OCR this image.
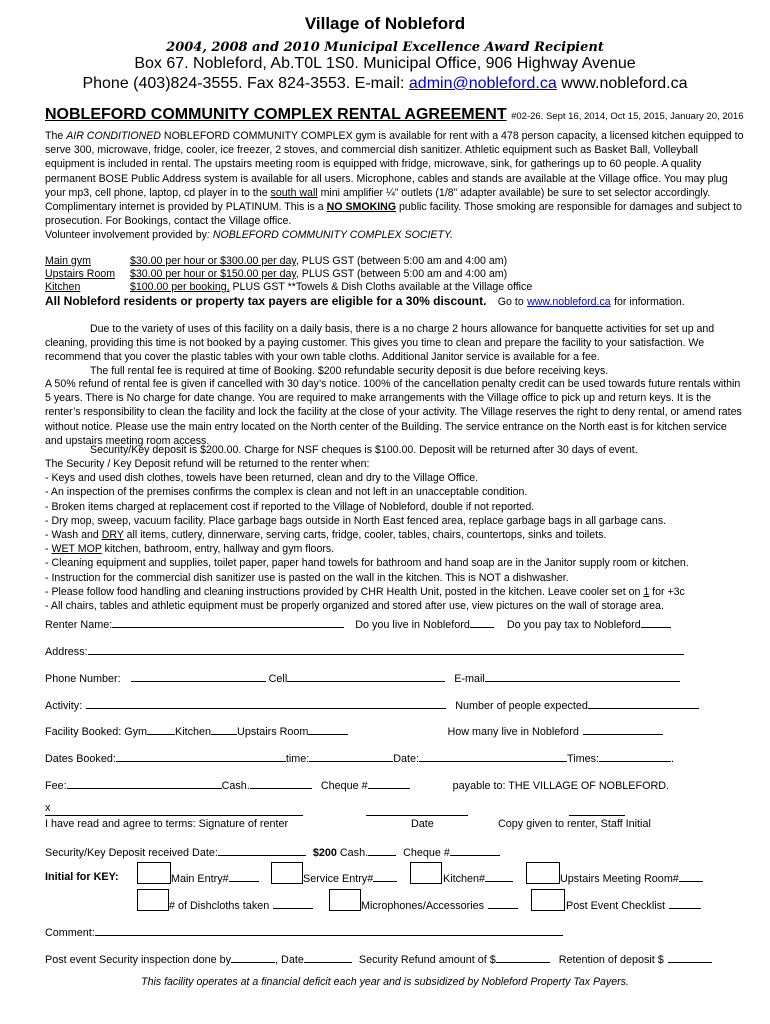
Village of Nobleford
2004, 2008 and 2010 Municipal Excellence Award Recipient
Box 67. Nobleford, Ab.T0L 1S0. Municipal Office, 906 Highway Avenue
Phone (403)824-3555. Fax 824-3553. E-mail: admin@nobleford.ca www.nobleford.ca
NOBLEFORD COMMUNITY COMPLEX RENTAL AGREEMENT #02-26. Sept 16, 2014, Oct 15, 2015, January 20, 2016
The AIR CONDITIONED NOBLEFORD COMMUNITY COMPLEX gym is available for rent with a 478 person capacity, a licensed kitchen equipped to serve 300, microwave, fridge, cooler, ice freezer, 2 stoves, and commercial dish sanitizer. Athletic equipment such as Basket Ball, Volleyball equipment is included in rental. The upstairs meeting room is equipped with fridge, microwave, sink, for gatherings up to 60 people. A quality permanent BOSE Public Address system is available for all users. Microphone, cables and stands are available at the Village office. You may plug your mp3, cell phone, laptop, cd player in to the south wall mini amplifier ¼” outlets (1/8” adapter available) be sure to set selector accordingly. Complimentary internet is provided by PLATINUM. This is a NO SMOKING public facility. Those smoking are responsible for damages and subject to prosecution. For Bookings, contact the Village office.
Volunteer involvement provided by: NOBLEFORD COMMUNITY COMPLEX SOCIETY.
Main gym	$30.00 per hour or $300.00 per day, PLUS GST (between 5:00 am and 4:00 am)
Upstairs Room	$30.00 per hour or $150.00 per day, PLUS GST (between 5:00 am and 4:00 am)
Kitchen	$100.00 per booking, PLUS GST **Towels & Dish Cloths available at the Village office
All Nobleford residents or property tax payers are eligible for a 30% discount. Go to www.nobleford.ca for information.
Due to the variety of uses of this facility on a daily basis, there is a no charge 2 hours allowance for banquette activities for set up and cleaning, providing this time is not booked by a paying customer. This gives you time to clean and prepare the facility to your satisfaction. We recommend that you cover the plastic tables with your own table cloths. Additional Janitor service is available for a fee.
The full rental fee is required at time of Booking. $200 refundable security deposit is due before receiving keys.
A 50% refund of rental fee is given if cancelled with 30 day’s notice. 100% of the cancellation penalty credit can be used towards future rentals within 5 years. There is No charge for date change. You are required to make arrangements with the Village office to pick up and return keys. It is the renter’s responsibility to clean the facility and lock the facility at the close of your activity. The Village reserves the right to deny rental, or amend rates without notice. Please use the main entry located on the North center of the Building. The service entrance on the North east is for kitchen service and upstairs meeting room access.
Security/Key deposit is $200.00. Charge for NSF cheques is $100.00. Deposit will be returned after 30 days of event.
The Security / Key Deposit refund will be returned to the renter when:
- Keys and used dish clothes, towels have been returned, clean and dry to the Village Office.
- An inspection of the premises confirms the complex is clean and not left in an unacceptable condition.
- Broken items charged at replacement cost if reported to the Village of Nobleford, double if not reported.
- Dry mop, sweep, vacuum facility. Place garbage bags outside in North East fenced area, replace garbage bags in all garbage cans.
- Wash and DRY all items, cutlery, dinnerware, serving carts, fridge, cooler, tables, chairs, countertops, sinks and toilets.
- WET MOP kitchen, bathroom, entry, hallway and gym floors.
- Cleaning equipment and supplies, toilet paper, paper hand towels for bathroom and hand soap are in the Janitor supply room or kitchen.
- Instruction for the commercial dish sanitizer use is pasted on the wall in the kitchen. This is NOT a dishwasher.
- Please follow food handling and cleaning instructions provided by CHR Health Unit, posted in the kitchen. Leave cooler set on 1 for +3c
- All chairs, tables and athletic equipment must be properly organized and stored after use, view pictures on the wall of storage area.
Renter Name:	Do you live in Nobleford	Do you pay tax to Nobleford
Address:
Phone Number:	Cell	E-mail
Activity:	Number of people expected
Facility Booked: Gym	Kitchen Upstairs Room	How many live in Nobleford
Dates Booked:	time:	Date:	Times:	.
Fee:	Cash.	Cheque #	payable to: THE VILLAGE OF NOBLEFORD.
x
I have read and agree to terms: Signature of renter	Date	Copy given to renter, Staff Initial
Security/Key Deposit received Date:	$200 Cash.	Cheque #
Initial for KEY:	Main Entry#	Service Entry#	Kitchen#	Upstairs Meeting Room#
# of Dishcloths taken	Microphones/Accessories	Post Event Checklist
Comment:
Post event Security inspection done by	, Date	Security Refund amount of $	Retention of deposit $
This facility operates at a financial deficit each year and is subsidized by Nobleford Property Tax Payers.
